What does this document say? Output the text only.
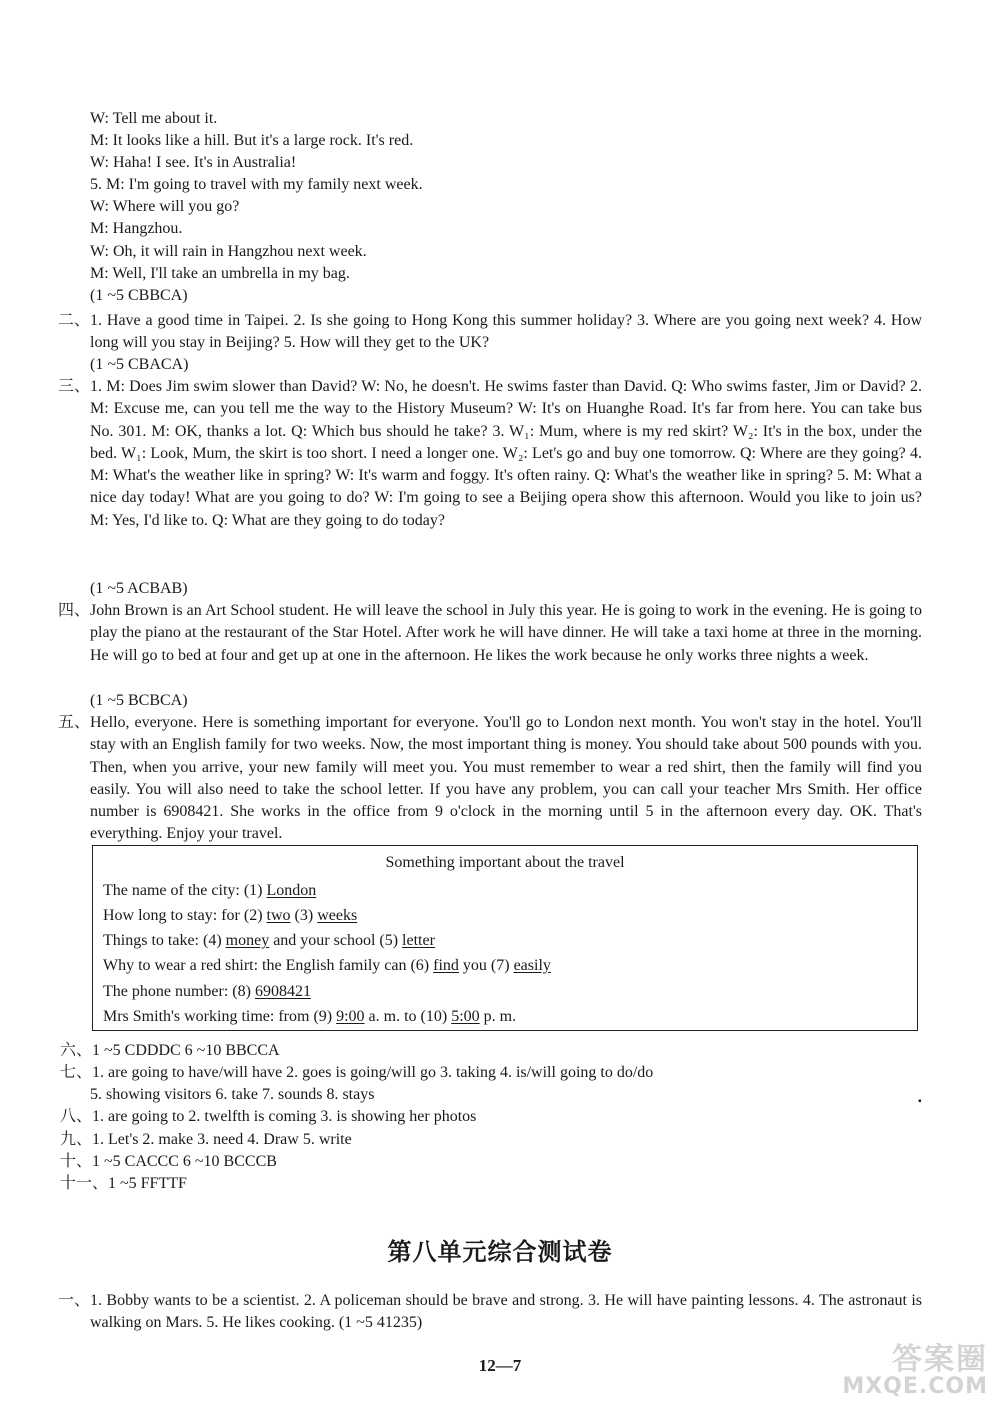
W: Tell me about it.
M: It looks like a hill. But it's a large rock. It's red.
W: Haha! I see. It's in Australia!
5. M: I'm going to travel with my family next week.
W: Where will you go?
M: Hangzhou.
W: Oh, it will rain in Hangzhou next week.
M: Well, I'll take an umbrella in my bag.
(1 ~5 CBBCA)
二、 1. Have a good time in Taipei. 2. Is she going to Hong Kong this summer holiday? 3. Where are you going next week? 4. How long will you stay in Beijing? 5. How will they get to the UK?
(1 ~5 CBACA)
三、 1. M: Does Jim swim slower than David? W: No, he doesn't. He swims faster than David. Q: Who swims faster, Jim or David? 2. M: Excuse me, can you tell me the way to the History Museum? W: It's on Huanghe Road. It's far from here. You can take bus No. 301. M: OK, thanks a lot. Q: Which bus should he take? 3. W₁: Mum, where is my red skirt? W₂: It's in the box, under the bed. W₁: Look, Mum, the skirt is too short. I need a longer one. W₂: Let's go and buy one tomorrow. Q: Where are they going? 4. M: What's the weather like in spring? W: It's warm and foggy. It's often rainy. Q: What's the weather like in spring? 5. M: What a nice day today! What are you going to do? W: I'm going to see a Beijing opera show this afternoon. Would you like to join us? M: Yes, I'd like to. Q: What are they going to do today?
(1 ~5 ACBAB)
四、 John Brown is an Art School student. He will leave the school in July this year. He is going to work in the evening. He is going to play the piano at the restaurant of the Star Hotel. After work he will have dinner. He will take a taxi home at three in the morning. He will go to bed at four and get up at one in the afternoon. He likes the work because he only works three nights a week.
(1 ~5 BCBCA)
五、 Hello, everyone. Here is something important for everyone. You'll go to London next month. You won't stay in the hotel. You'll stay with an English family for two weeks. Now, the most important thing is money. You should take about 500 pounds with you. Then, when you arrive, your new family will meet you. You must remember to wear a red shirt, then the family will find you easily. You will also need to take the school letter. If you have any problem, you can call your teacher Mrs Smith. Her office number is 6908421. She works in the office from 9 o'clock in the morning until 5 in the afternoon every day. OK. That's everything. Enjoy your travel.
Something important about the travel
The name of the city: (1) London
How long to stay: for (2) two (3) weeks
Things to take: (4) money and your school (5) letter
Why to wear a red shirt: the English family can (6) find you (7) easily
The phone number: (8) 6908421
Mrs Smith's working time: from (9) 9:00 a. m. to (10) 5:00 p. m.
六、1 ~5 CDDDC 6 ~10 BBCCA
七、1. are going to have/will have 2. goes is going/will go 3. taking 4. is/will going to do/do
5. showing visitors 6. take 7. sounds 8. stays
八、1. are going to 2. twelfth is coming 3. is showing her photos
九、1. Let's 2. make 3. need 4. Draw 5. write
十、1 ~5 CACCC 6 ~10 BCCCB
十一、1 ~5 FFTTF
▪
第八单元综合测试卷
一、 1. Bobby wants to be a scientist. 2. A policeman should be brave and strong. 3. He will have painting lessons. 4. The astronaut is walking on Mars. 5. He likes cooking. (1 ~5 41235)
12—7	答案圈
MXQE.COM
